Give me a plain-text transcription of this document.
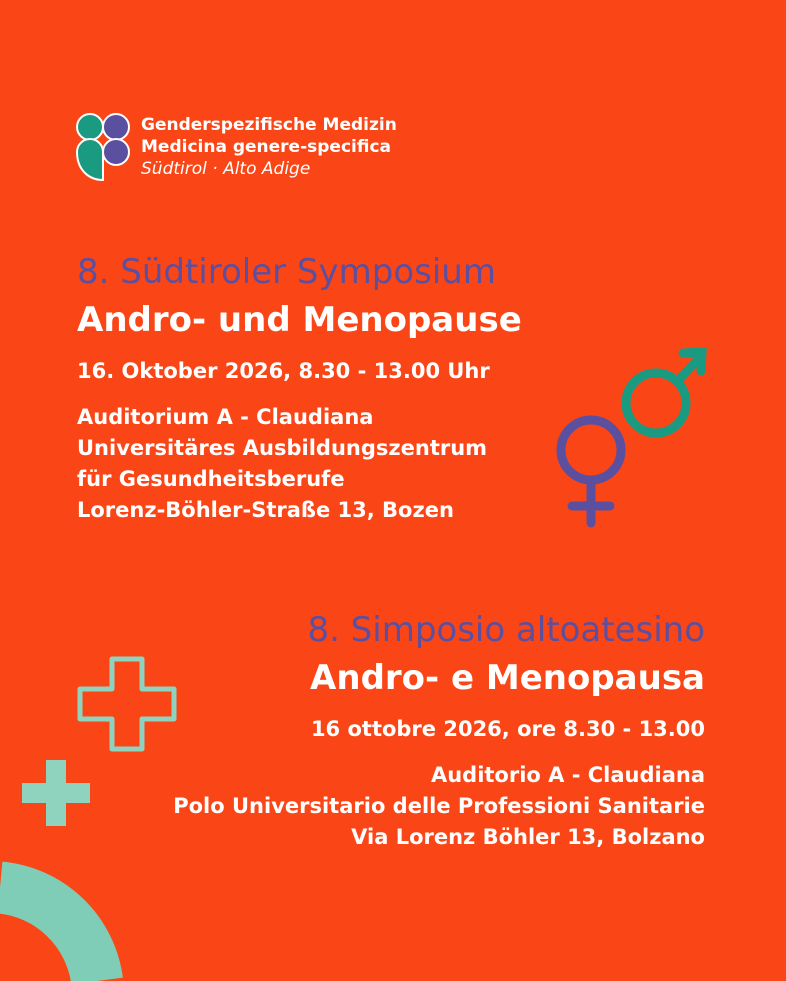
Genderspezifische Medizin
Medicina genere-specifica
Südtirol · Alto Adige
8. Südtiroler Symposium
Andro- und Menopause
16. Oktober 2026, 8.30 - 13.00 Uhr
Auditorium A - Claudiana
Universitäres Ausbildungszentrum
für Gesundheitsberufe
Lorenz-Böhler-Straße 13, Bozen
8. Simposio altoatesino
Andro- e Menopausa
16 ottobre 2026, ore 8.30 - 13.00
Auditorio A - Claudiana
Polo Universitario delle Professioni Sanitarie
Via Lorenz Böhler 13, Bolzano
